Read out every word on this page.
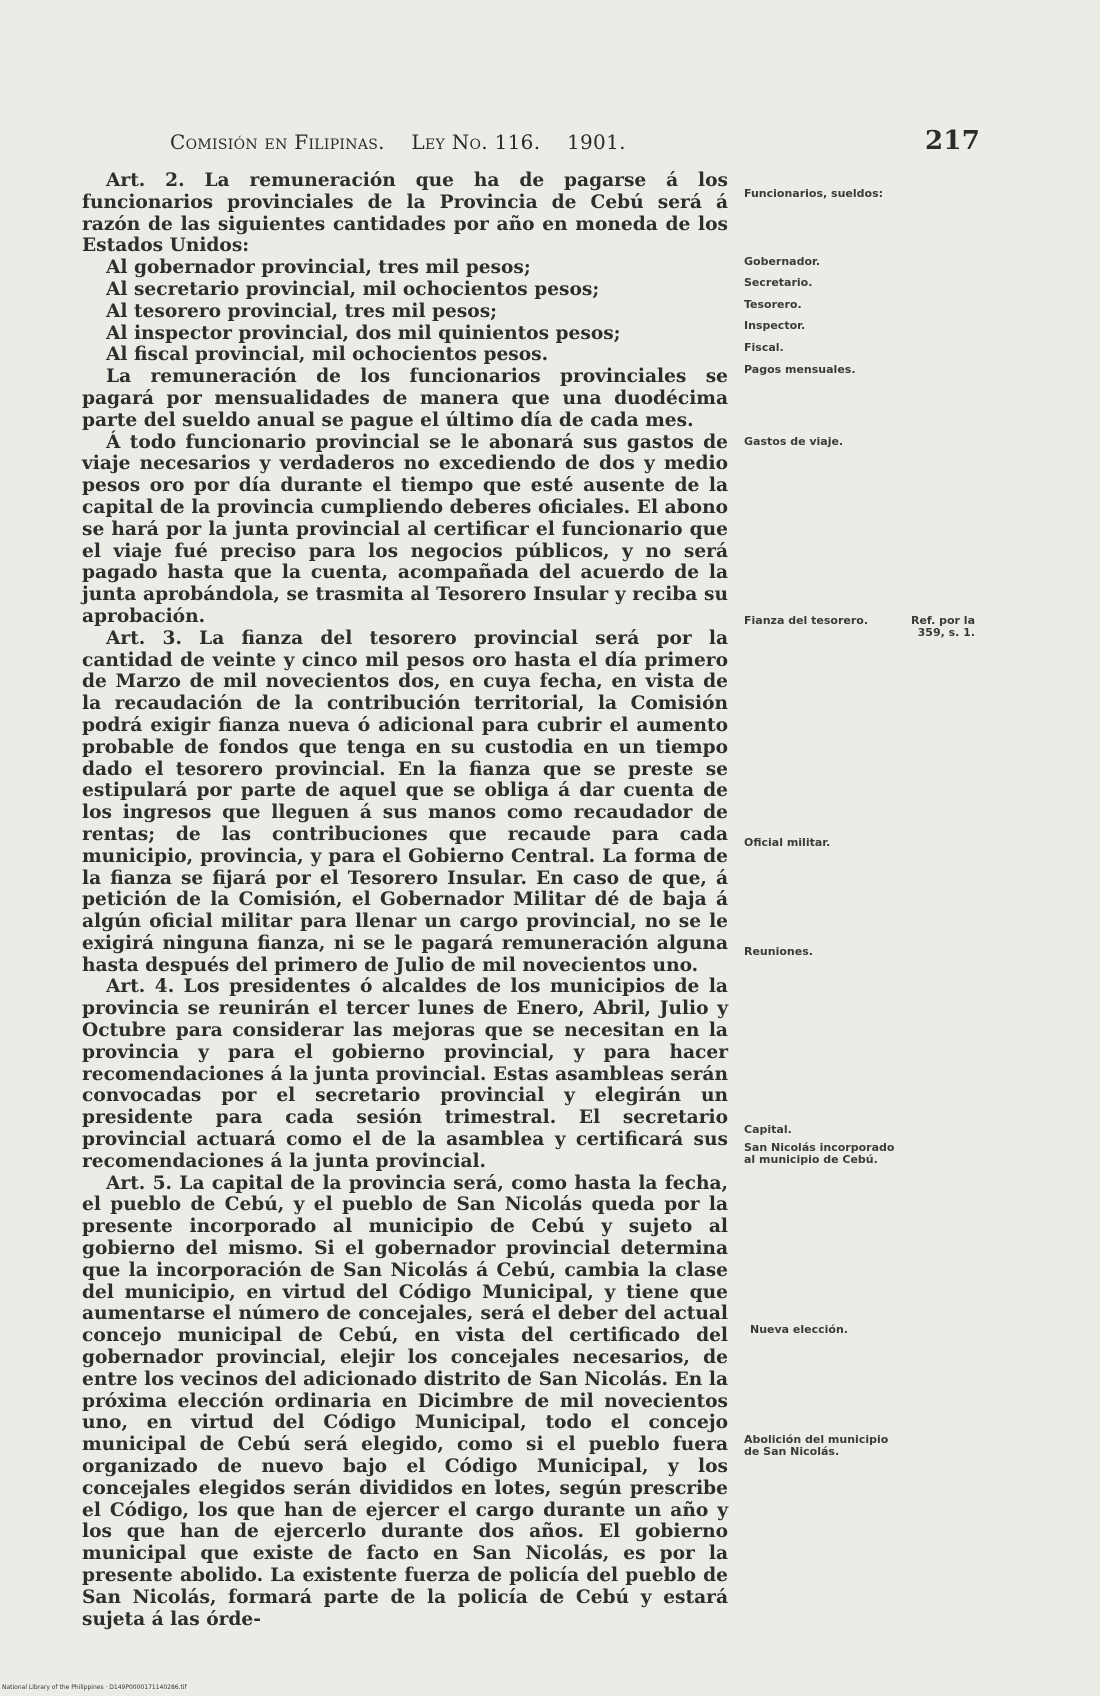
Comisión en Filipinas. Ley No. 116. 1901.	217

Art. 2. La remuneración que ha de pagarse á los funcionarios provinciales de la Provincia de Cebú será á razón de las siguientes cantidades por año en moneda de los Estados Unidos:

Al gobernador provincial, tres mil pesos;

Al secretario provincial, mil ochocientos pesos;

Al tesorero provincial, tres mil pesos;

Al inspector provincial, dos mil quinientos pesos;

Al fiscal provincial, mil ochocientos pesos.

La remuneración de los funcionarios provinciales se pagará por mensualidades de manera que una duodécima parte del sueldo anual se pague el último día de cada mes.

Á todo funcionario provincial se le abonará sus gastos de viaje necesarios y verdaderos no excediendo de dos y medio pesos oro por día durante el tiempo que esté ausente de la capital de la provincia cumpliendo deberes oficiales. El abono se hará por la junta provincial al certificar el funcionario que el viaje fué preciso para los negocios públicos, y no será pagado hasta que la cuenta, acompañada del acuerdo de la junta aprobándola, se trasmita al Tesorero Insular y reciba su aprobación.

Art. 3. La fianza del tesorero provincial será por la cantidad de veinte y cinco mil pesos oro hasta el día primero de Marzo de mil novecientos dos, en cuya fecha, en vista de la recaudación de la contribución territorial, la Comisión podrá exigir fianza nueva ó adicional para cubrir el aumento probable de fondos que tenga en su custodia en un tiempo dado el tesorero provincial. En la fianza que se preste se estipulará por parte de aquel que se obliga á dar cuenta de los ingresos que lleguen á sus manos como recaudador de rentas; de las contribuciones que recaude para cada municipio, provincia, y para el Gobierno Central. La forma de la fianza se fijará por el Tesorero Insular. En caso de que, á petición de la Comisión, el Gobernador Militar dé de baja á algún oficial militar para llenar un cargo provincial, no se le exigirá ninguna fianza, ni se le pagará remuneración alguna hasta después del primero de Julio de mil novecientos uno.

Art. 4. Los presidentes ó alcaldes de los municipios de la provincia se reunirán el tercer lunes de Enero, Abril, Julio y Octubre para considerar las mejoras que se necesitan en la provincia y para el gobierno provincial, y para hacer recomendaciones á la junta provincial. Estas asambleas serán convocadas por el secretario provincial y elegirán un presidente para cada sesión trimestral. El secretario provincial actuará como el de la asamblea y certificará sus recomendaciones á la junta provincial.

Art. 5. La capital de la provincia será, como hasta la fecha, el pueblo de Cebú, y el pueblo de San Nicolás queda por la presente incorporado al municipio de Cebú y sujeto al gobierno del mismo. Si el gobernador provincial determina que la incorporación de San Nicolás á Cebú, cambia la clase del municipio, en virtud del Código Municipal, y tiene que aumentarse el número de concejales, será el deber del actual concejo municipal de Cebú, en vista del certificado del gobernador provincial, elejir los concejales necesarios, de entre los vecinos del adicionado distrito de San Nicolás. En la próxima elección ordinaria en Dicimbre de mil novecientos uno, en virtud del Código Municipal, todo el concejo municipal de Cebú será elegido, como si el pueblo fuera organizado de nuevo bajo el Código Municipal, y los concejales elegidos serán divididos en lotes, según prescribe el Código, los que han de ejercer el cargo durante un año y los que han de ejercerlo durante dos años. El gobierno municipal que existe de facto en San Nicolás, es por la presente abolido. La existente fuerza de policía del pueblo de San Nicolás, formará parte de la policía de Cebú y estará sujeta á las órde-

Funcionarios, sueldos:
Gobernador.
Secretario.
Tesorero.
Inspector.
Fiscal.
Pagos mensuales.
Gastos de viaje.
Fianza del tesorero.	Ref. por la 359, s. 1.
Oficial militar.
Reuniones.
Capital.
San Nicolás incorporado al municipio de Cebú.
Nueva elección.
Abolición del municipio de San Nicolás.
National Library of the Philippines · D149P0000171140286.tif
